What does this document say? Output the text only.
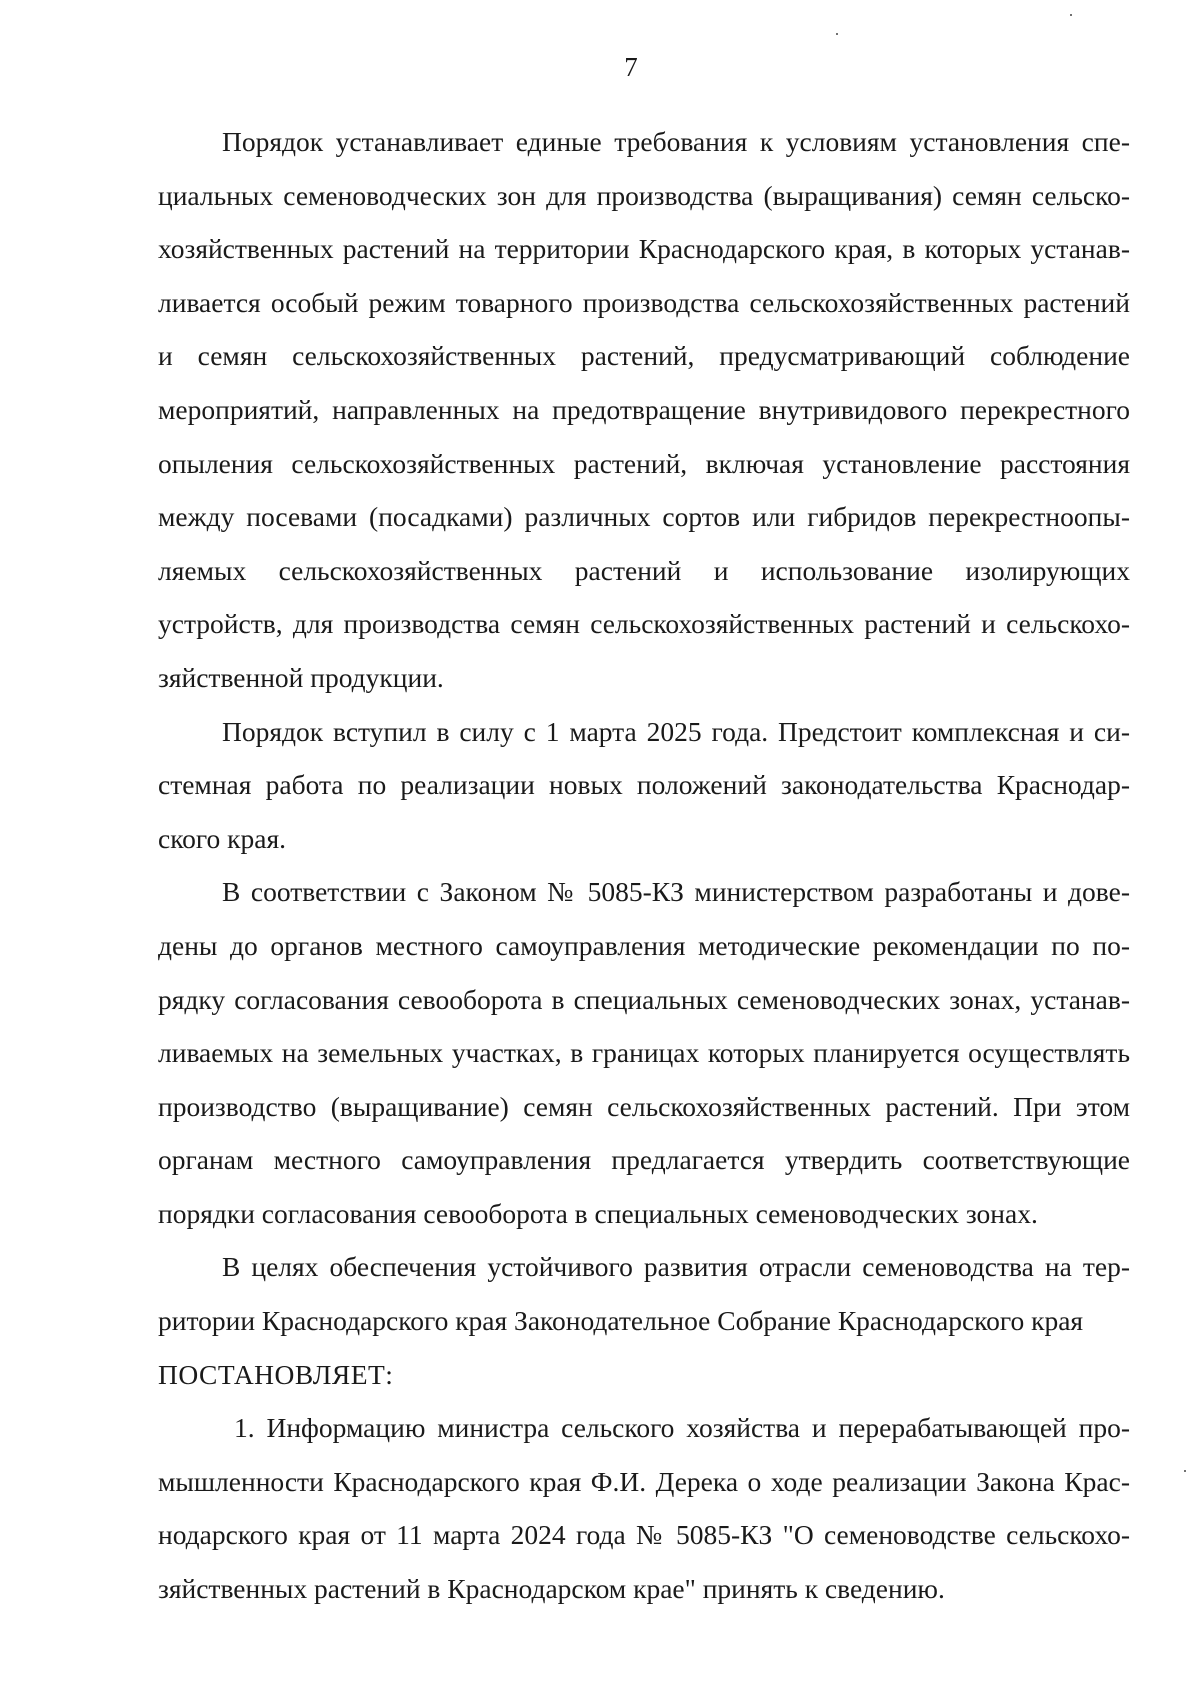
7

Порядок устанавливает единые требования к условиям установления специальных семеноводческих зон для производства (выращивания) семян сельскохозяйственных растений на территории Краснодарского края, в которых устанавливается особый режим товарного производства сельскохозяйственных растений и семян сельскохозяйственных растений, предусматривающий соблюдение мероприятий, направленных на предотвращение внутривидового перекрестного опыления сельскохозяйственных растений, включая установление расстояния между посевами (посадками) различных сортов или гибридов перекрестноопыляемых сельскохозяйственных растений и использование изолирующих устройств, для производства семян сельскохозяйственных растений и сельскохозяйственной продукции.

Порядок вступил в силу с 1 марта 2025 года. Предстоит комплексная и системная работа по реализации новых положений законодательства Краснодарского края.

В соответствии с Законом № 5085-КЗ министерством разработаны и доведены до органов местного самоуправления методические рекомендации по порядку согласования севооборота в специальных семеноводческих зонах, устанавливаемых на земельных участках, в границах которых планируется осуществлять производство (выращивание) семян сельскохозяйственных растений. При этом органам местного самоуправления предлагается утвердить соответствующие порядки согласования севооборота в специальных семеноводческих зонах.

В целях обеспечения устойчивого развития отрасли семеноводства на территории Краснодарского края Законодательное Собрание Краснодарского края

ПОСТАНОВЛЯЕТ:

1. Информацию министра сельского хозяйства и перерабатывающей промышленности Краснодарского края Ф.И. Дерека о ходе реализации Закона Краснодарского края от 11 марта 2024 года № 5085-КЗ "О семеноводстве сельскохозяйственных растений в Краснодарском крае" принять к сведению.
